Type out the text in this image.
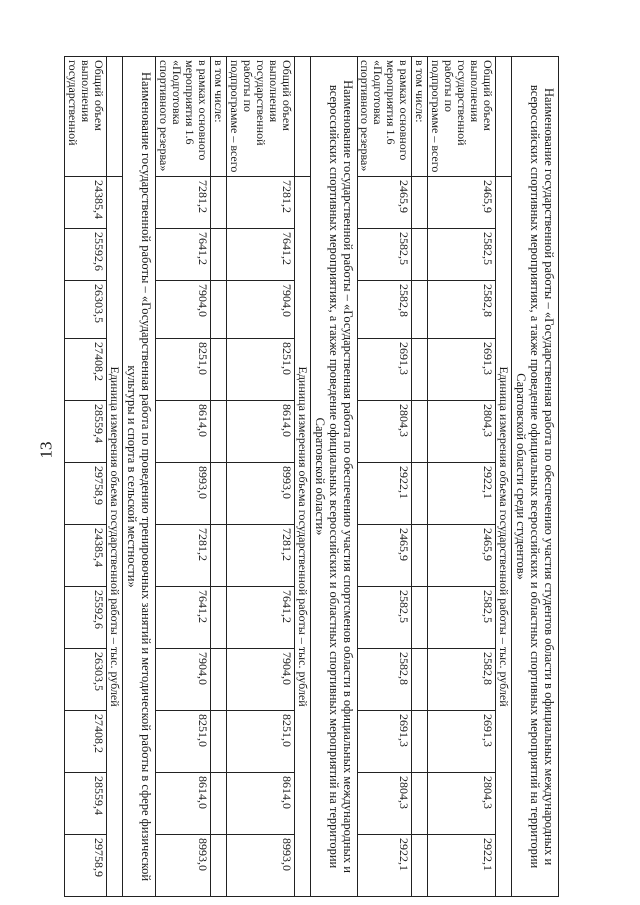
13	Наименование государственной работы – «Государственная работа по обеспечению участия студентов области в официальных международных и всероссийских спортивных мероприятиях, а также проведение официальных всероссийских и областных спортивных мероприятий на территории Саратовской области среди студентов»												
	Единица измерения объема государственной работы – тыс. рублей											
Общий объем выполнения государственной работы по подпрограмме – всего	2465,9	2582,5	2582,8	2691,3	2804,3	2922,1	2465,9	2582,5	2582,8	2691,3	2804,3	2922,1
в том числе:												
в рамках основного мероприятия 1.6 «Подготовка спортивного резерва»	2465,9	2582,5	2582,8	2691,3	2804,3	2922,1	2465,9	2582,5	2582,8	2691,3	2804,3	2922,1
Наименование государственной работы – «Государственная работа по обеспечению участия спортсменов области в официальных международных и всероссийских спортивных мероприятиях, а также проведение официальных всероссийских и областных спортивных мероприятий на территории Саратовской области»												
	Единица измерения объема государственной работы – тыс. рублей											
Общий объем выполнения государственной работы по подпрограмме – всего	7281,2	7641,2	7904,0	8251,0	8614,0	8993,0	7281,2	7641,2	7904,0	8251,0	8614,0	8993,0
в том числе:												
в рамках основного мероприятия 1.6 «Подготовка спортивного резерва»	7281,2	7641,2	7904,0	8251,0	8614,0	8993,0	7281,2	7641,2	7904,0	8251,0	8614,0	8993,0
Наименование государственной работы – «Государственная работа по проведению тренировочных занятий и методической работы в сфере физической культуры и спорта в сельской местности»												
	Единица измерения объема государственной работы – тыс. рублей											
Общий объем выполнения государственной	24385,4	25592,6	26303,5	27408,2	28559,4	29758,9	24385,4	25592,6	26303,5	27408,2	28559,4	29758,9
